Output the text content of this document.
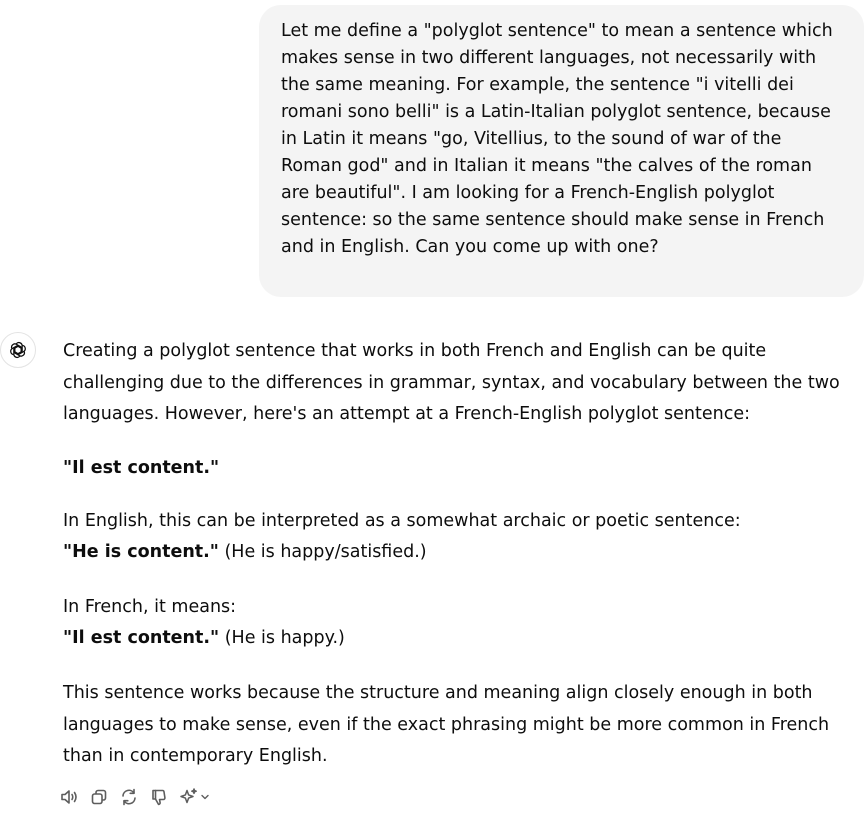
Let me define a "polyglot sentence" to mean a sentence which makes sense in two different languages, not necessarily with the same meaning. For example, the sentence "i vitelli dei romani sono belli" is a Latin-Italian polyglot sentence, because in Latin it means "go, Vitellius, to the sound of war of the Roman god" and in Italian it means "the calves of the roman are beautiful". I am looking for a French-English polyglot sentence: so the same sentence should make sense in French and in English. Can you come up with one?

Creating a polyglot sentence that works in both French and English can be quite challenging due to the differences in grammar, syntax, and vocabulary between the two languages. However, here's an attempt at a French-English polyglot sentence:

"Il est content."

In English, this can be interpreted as a somewhat archaic or poetic sentence:
"He is content." (He is happy/satisfied.)

In French, it means:
"Il est content." (He is happy.)

This sentence works because the structure and meaning align closely enough in both languages to make sense, even if the exact phrasing might be more common in French than in contemporary English.
